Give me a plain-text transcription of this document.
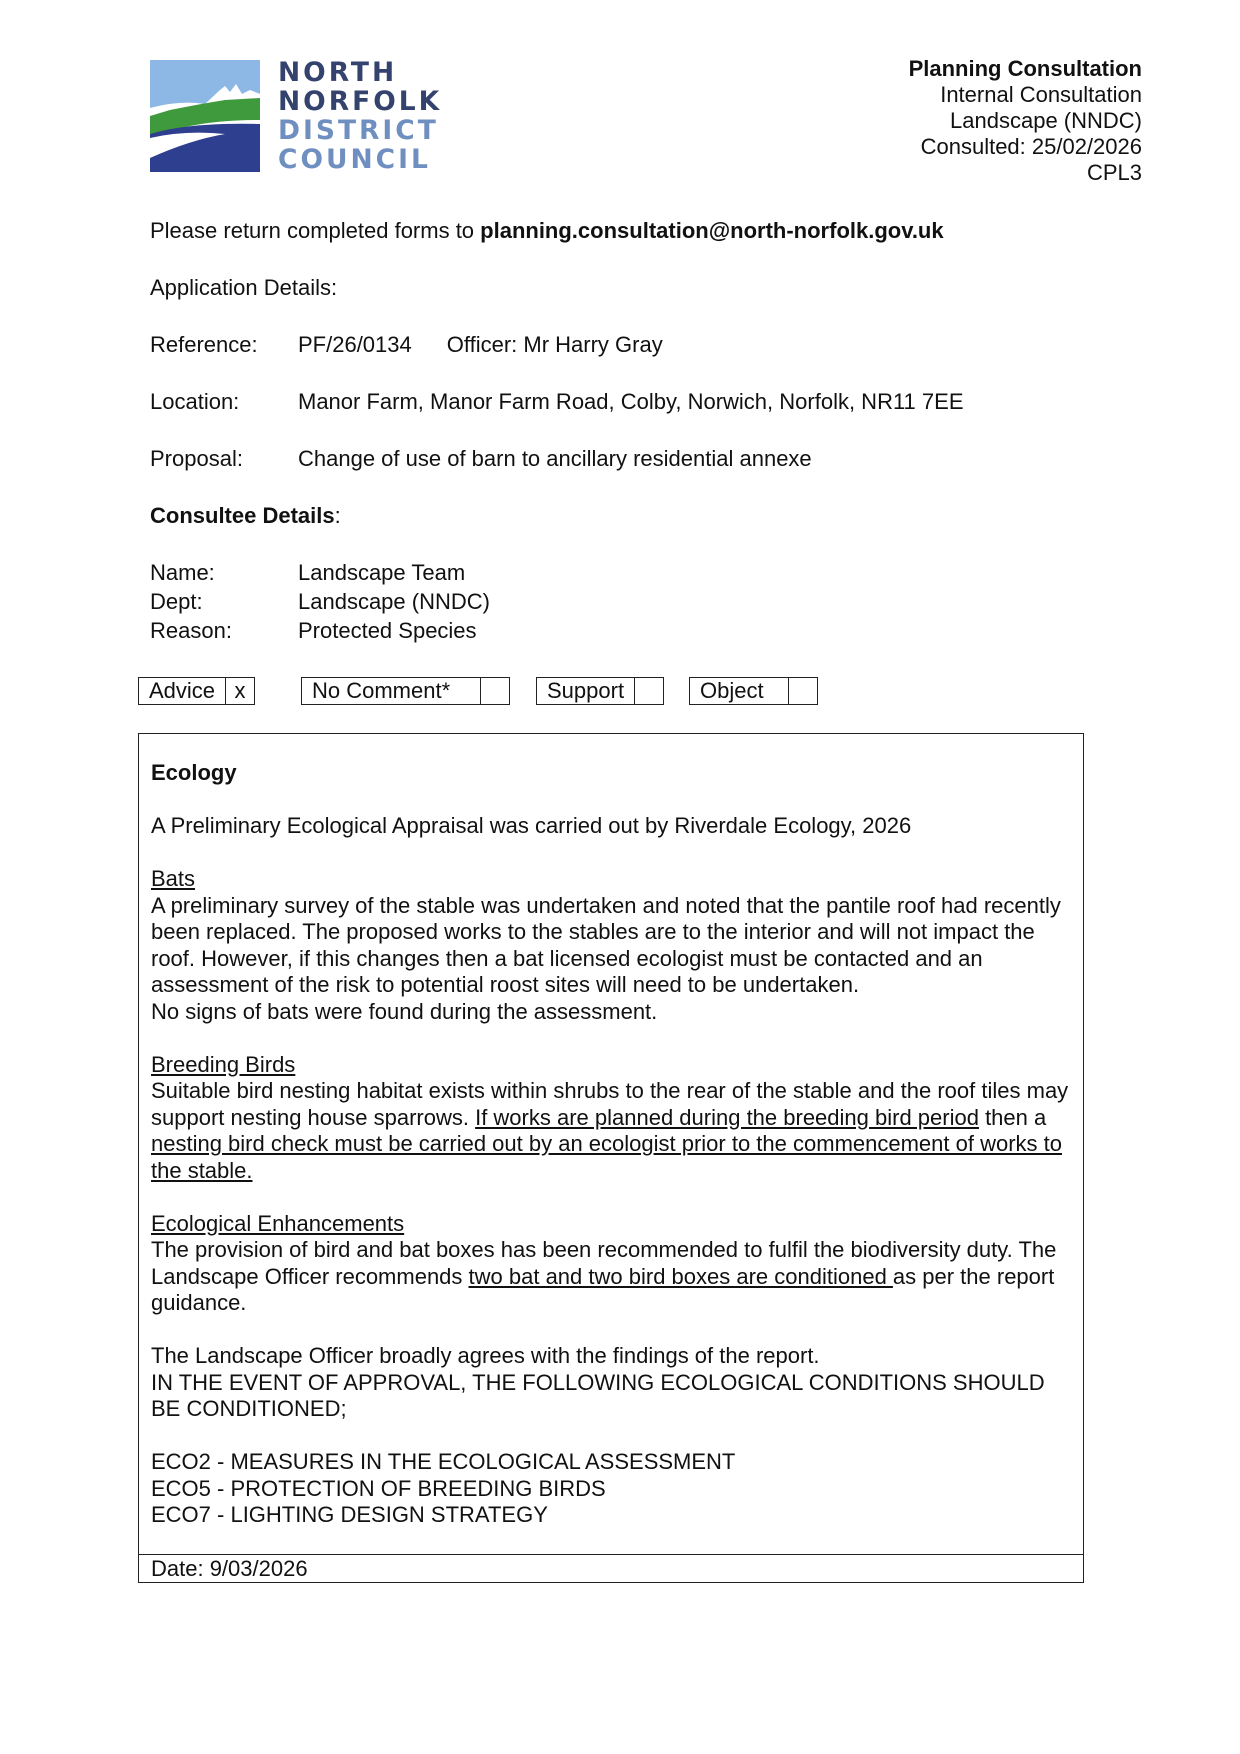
NORTH
NORFOLK
DISTRICT
COUNCIL
Planning Consultation
Internal Consultation
Landscape (NNDC)
Consulted: 25/02/2026
CPL3
Please return completed forms to planning.consultation@north-norfolk.gov.uk
Application Details:
Reference: PF/26/0134 Officer: Mr Harry Gray
Location:	Manor Farm, Manor Farm Road, Colby, Norwich, Norfolk, NR11 7EE
Proposal:	Change of use of barn to ancillary residential annexe
Consultee Details:
Name:	Landscape Team
Dept:	Landscape (NNDC)
Reason:	Protected Species
Advice x	No Comment*	Support	Object

Ecology

A Preliminary Ecological Appraisal was carried out by Riverdale Ecology, 2026

Bats
A preliminary survey of the stable was undertaken and noted that the pantile roof had recently been replaced. The proposed works to the stables are to the interior and will not impact the roof. However, if this changes then a bat licensed ecologist must be contacted and an assessment of the risk to potential roost sites will need to be undertaken.
No signs of bats were found during the assessment.

Breeding Birds
Suitable bird nesting habitat exists within shrubs to the rear of the stable and the roof tiles may support nesting house sparrows. If works are planned during the breeding bird period then a nesting bird check must be carried out by an ecologist prior to the commencement of works to the stable.

Ecological Enhancements
The provision of bird and bat boxes has been recommended to fulfil the biodiversity duty. The Landscape Officer recommends two bat and two bird boxes are conditioned as per the report guidance.

The Landscape Officer broadly agrees with the findings of the report.
IN THE EVENT OF APPROVAL, THE FOLLOWING ECOLOGICAL CONDITIONS SHOULD BE CONDITIONED;

ECO2 - MEASURES IN THE ECOLOGICAL ASSESSMENT
ECO5 - PROTECTION OF BREEDING BIRDS
ECO7 - LIGHTING DESIGN STRATEGY

Date: 9/03/2026
